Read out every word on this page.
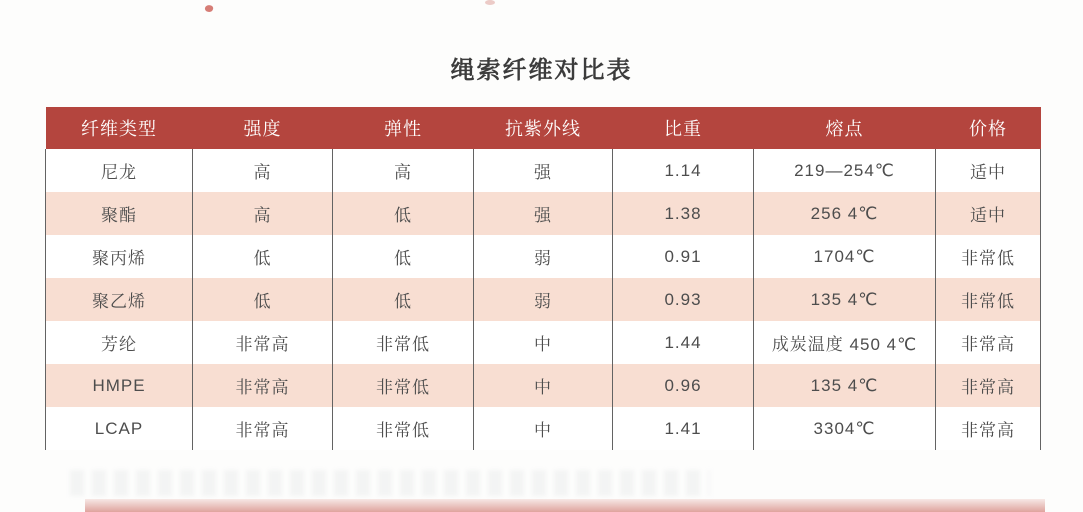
绳索纤维对比表
纤维类型	强度	弹性	抗紫外线	比重	熔点	价格
尼龙	高	高	强	1.14	219—254℃	适中
聚酯	高	低	强	1.38	256 4℃	适中
聚丙烯	低	低	弱	0.91	1704℃	非常低
聚乙烯	低	低	弱	0.93	135 4℃	非常低
芳纶	非常高	非常低	中	1.44	成炭温度 450 4℃	非常高
HMPE	非常高	非常低	中	0.96	135 4℃	非常高
LCAP	非常高	非常低	中	1.41	3304℃	非常高
